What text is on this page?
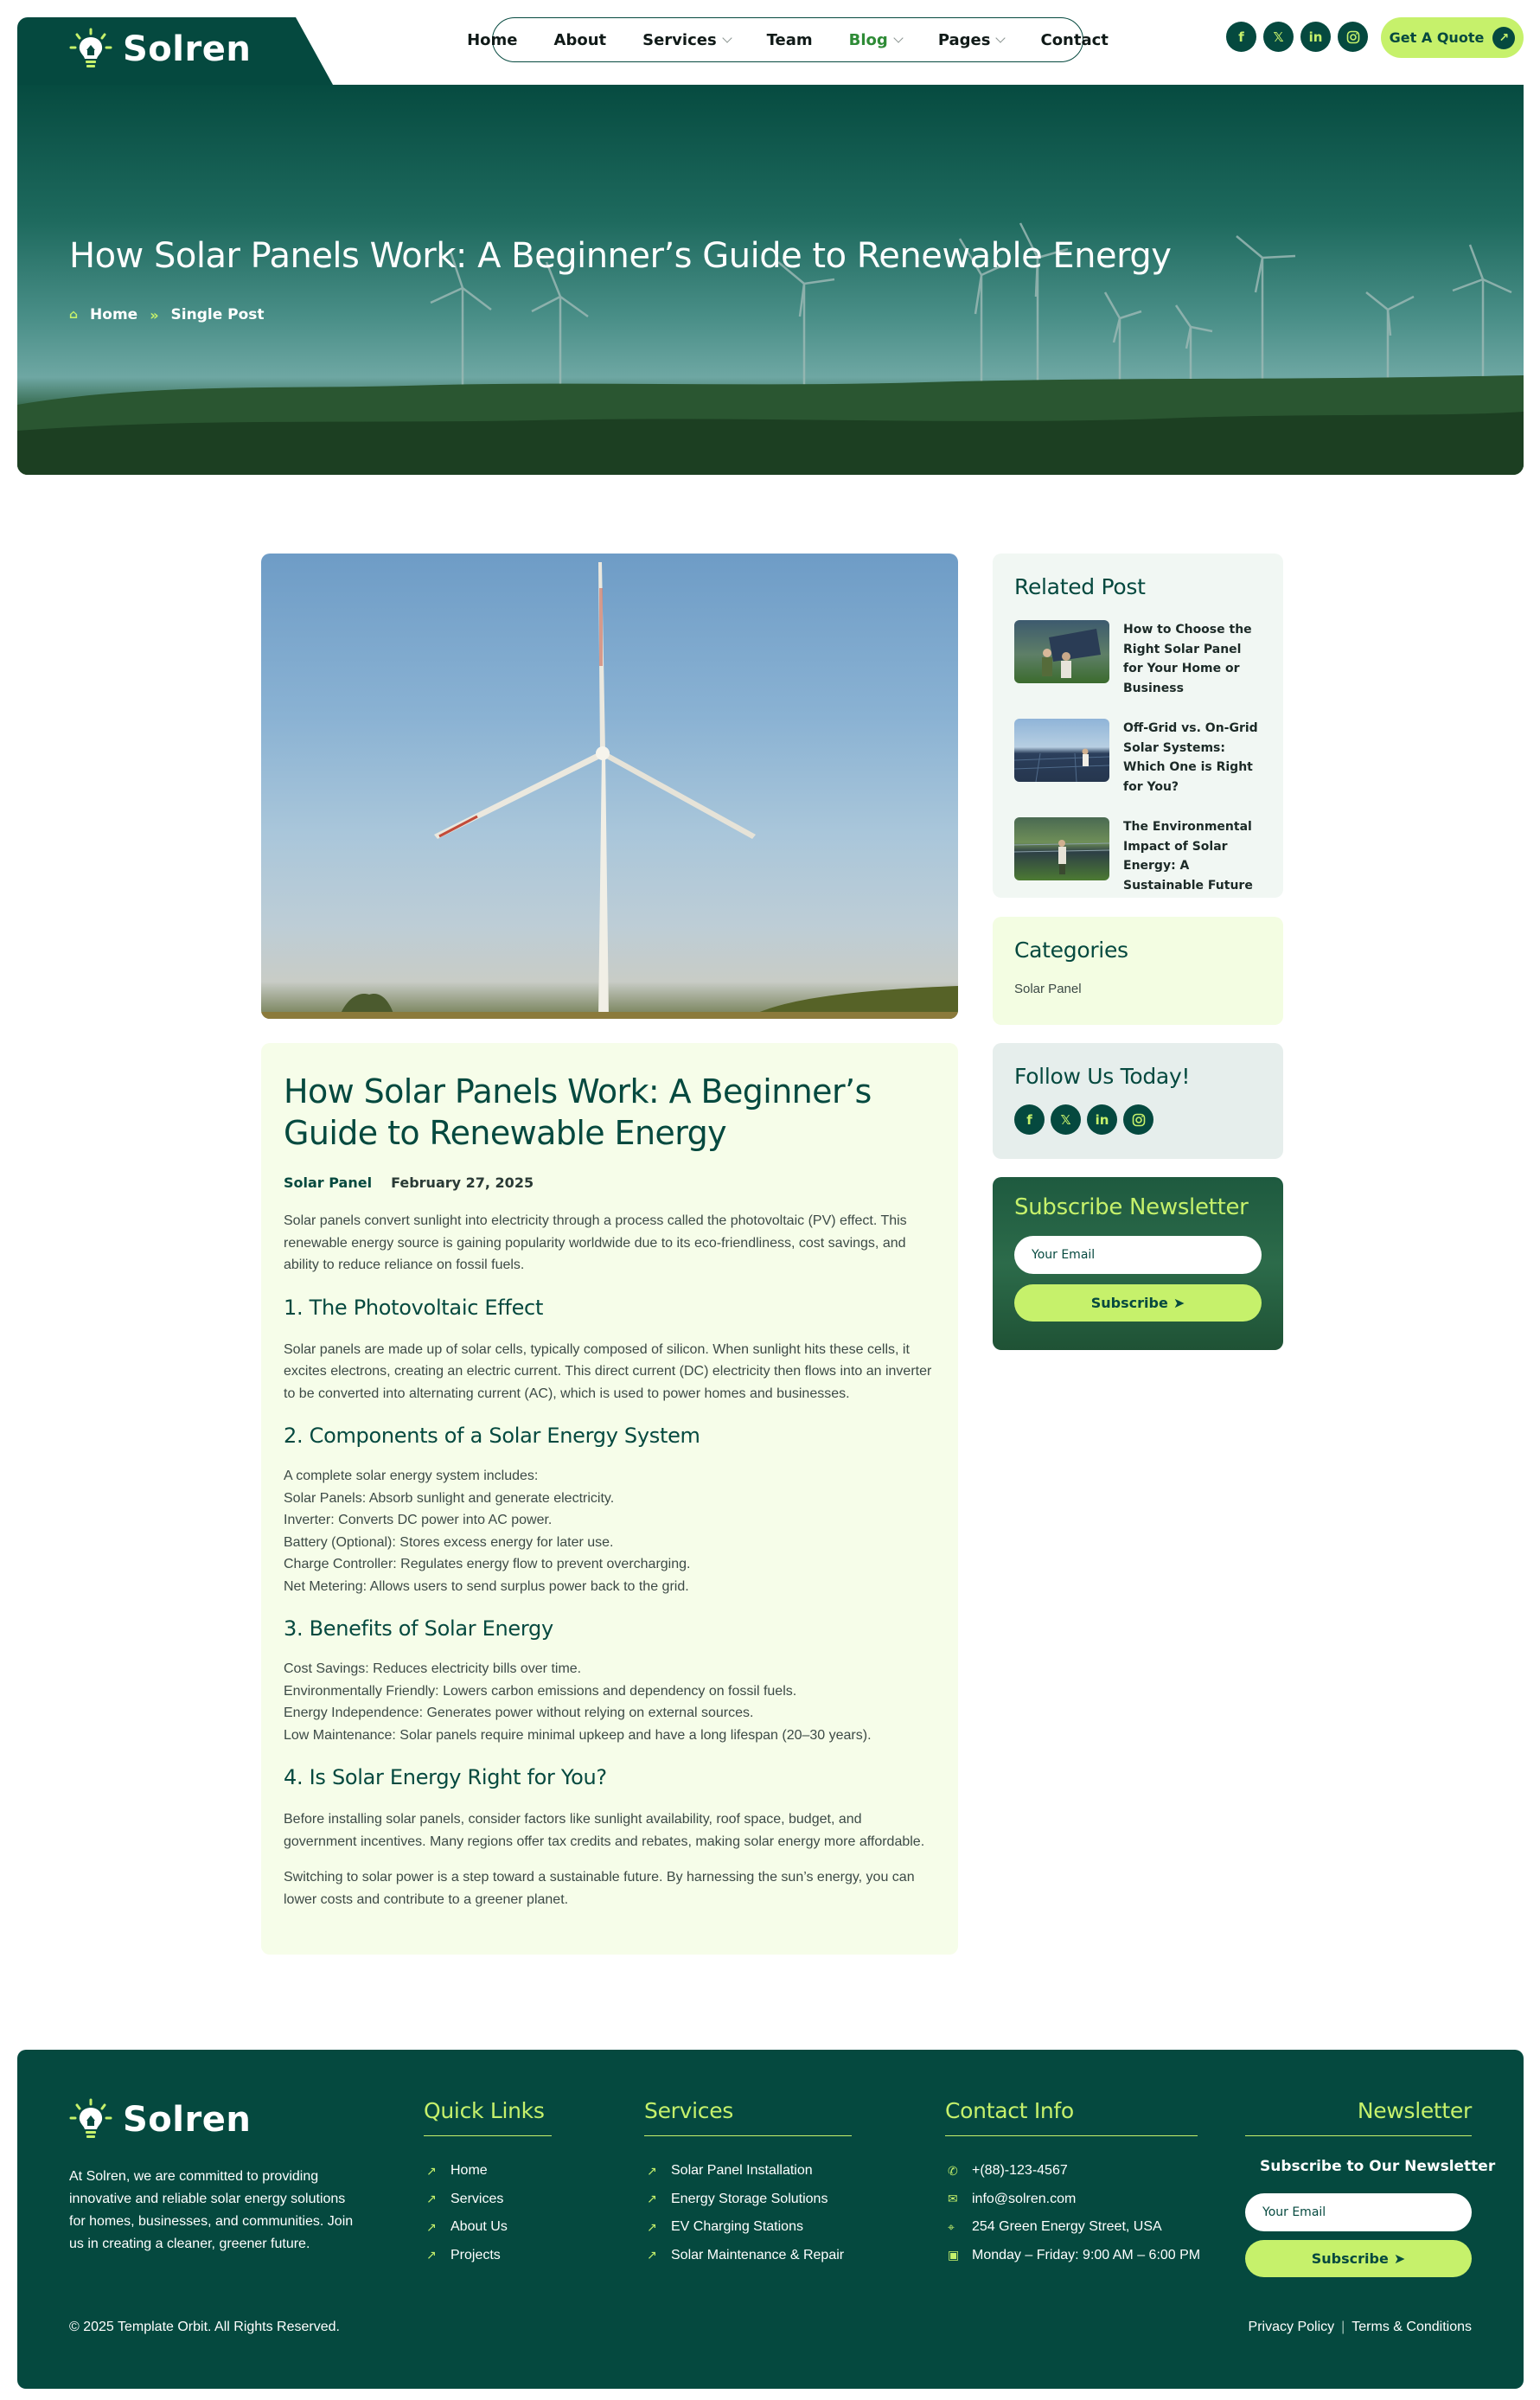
Solren	Home About Services	Team Blog	Pages	Contact	f	𝕏	in	Get A Quote	↗
How Solar Panels Work: A Beginner’s Guide to Renewable Energy
⌂ Home » Single Post
How Solar Panels Work: A Beginner’s Guide to Renewable Energy
Solar Panel February 27, 2025

Solar panels convert sunlight into electricity through a process called the photovoltaic (PV) effect. This renewable energy source is gaining popularity worldwide due to its eco-friendliness, cost savings, and ability to reduce reliance on fossil fuels.

1. The Photovoltaic Effect

Solar panels are made up of solar cells, typically composed of silicon. When sunlight hits these cells, it excites electrons, creating an electric current. This direct current (DC) electricity then flows into an inverter to be converted into alternating current (AC), which is used to power homes and businesses.

2. Components of a Solar Energy System
A complete solar energy system includes:
Solar Panels: Absorb sunlight and generate electricity.
Inverter: Converts DC power into AC power.
Battery (Optional): Stores excess energy for later use.
Charge Controller: Regulates energy flow to prevent overcharging.
Net Metering: Allows users to send surplus power back to the grid.
3. Benefits of Solar Energy
Cost Savings: Reduces electricity bills over time.
Environmentally Friendly: Lowers carbon emissions and dependency on fossil fuels.
Energy Independence: Generates power without relying on external sources.
Low Maintenance: Solar panels require minimal upkeep and have a long lifespan (20–30 years).
4. Is Solar Energy Right for You?

Before installing solar panels, consider factors like sunlight availability, roof space, budget, and government incentives. Many regions offer tax credits and rebates, making solar energy more affordable.

Switching to solar power is a step toward a sustainable future. By harnessing the sun’s energy, you can lower costs and contribute to a greener planet.

Related Post
How to Choose the Right Solar Panel for Your Home or Business
Off-Grid vs. On-Grid Solar Systems: Which One is Right for You?
The Environmental Impact of Solar Energy: A Sustainable Future
Categories
Solar Panel
Follow Us Today!
f	𝕏	in
Subscribe Newsletter
Your Email
Subscribe ➤
Solren
At Solren, we are committed to providing innovative and reliable solar energy solutions for homes, businesses, and communities. Join us in creating a cleaner, greener future.
Quick Links
↗ Home
↗ Services
↗ About Us
↗ Projects
Services
↗ Solar Panel Installation
↗ Energy Storage Solutions
↗ EV Charging Stations
↗ Solar Maintenance & Repair
Contact Info
✆ +(88)-123-4567
✉ info@solren.com
⌖	254 Green Energy Street, USA
▣ Monday – Friday: 9:00 AM – 6:00 PM
Newsletter
Subscribe to Our Newsletter
Your Email
Subscribe ➤
© 2025 Template Orbit. All Rights Reserved.	Privacy Policy | Terms & Conditions
